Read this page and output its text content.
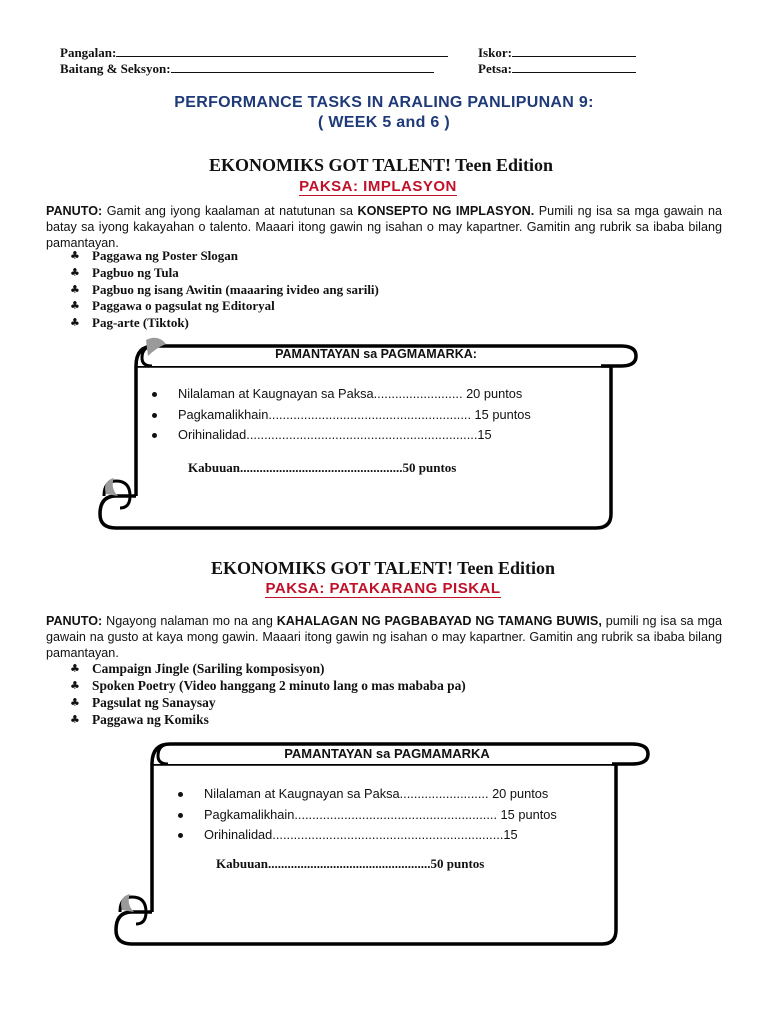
Pangalan:	Iskor:
Baitang & Seksyon:	Petsa:
PERFORMANCE TASKS IN ARALING PANLIPUNAN 9:
( WEEK 5 and 6 )
EKONOMIKS GOT TALENT! Teen Edition
PAKSA: IMPLASYON
PANUTO: Gamit ang iyong kaalaman at natutunan sa KONSEPTO NG IMPLASYON. Pumili ng isa sa mga gawain na batay sa iyong kakayahan o talento. Maaari itong gawin ng isahan o may kapartner. Gamitin ang rubrik sa ibaba bilang pamantayan.
♣ Paggawa ng Poster Slogan
♣ Pagbuo ng Tula
♣ Pagbuo ng isang Awitin (maaaring ivideo ang sarili)
♣ Paggawa o pagsulat ng Editoryal
♣ Pag-arte (Tiktok)
PAMANTAYAN sa PAGMAMARKA:
Nilalaman at Kaugnayan sa Paksa......................... 20 puntos
Pagkamalikhain......................................................... 15 puntos
Orihinalidad.................................................................15
Kabuuan..................................................50 puntos
EKONOMIKS GOT TALENT! Teen Edition
PAKSA: PATAKARANG PISKAL
PANUTO: Ngayong nalaman mo na ang KAHALAGAN NG PAGBABAYAD NG TAMANG BUWIS, pumili ng isa sa mga gawain na gusto at kaya mong gawin. Maaari itong gawin ng isahan o may kapartner. Gamitin ang rubrik sa ibaba bilang pamantayan.
♣ Campaign Jingle (Sariling komposisyon)
♣ Spoken Poetry (Video hanggang 2 minuto lang o mas mababa pa)
♣ Pagsulat ng Sanaysay
♣ Paggawa ng Komiks
PAMANTAYAN sa PAGMAMARKA
Nilalaman at Kaugnayan sa Paksa......................... 20 puntos
Pagkamalikhain......................................................... 15 puntos
Orihinalidad.................................................................15
Kabuuan..................................................50 puntos
